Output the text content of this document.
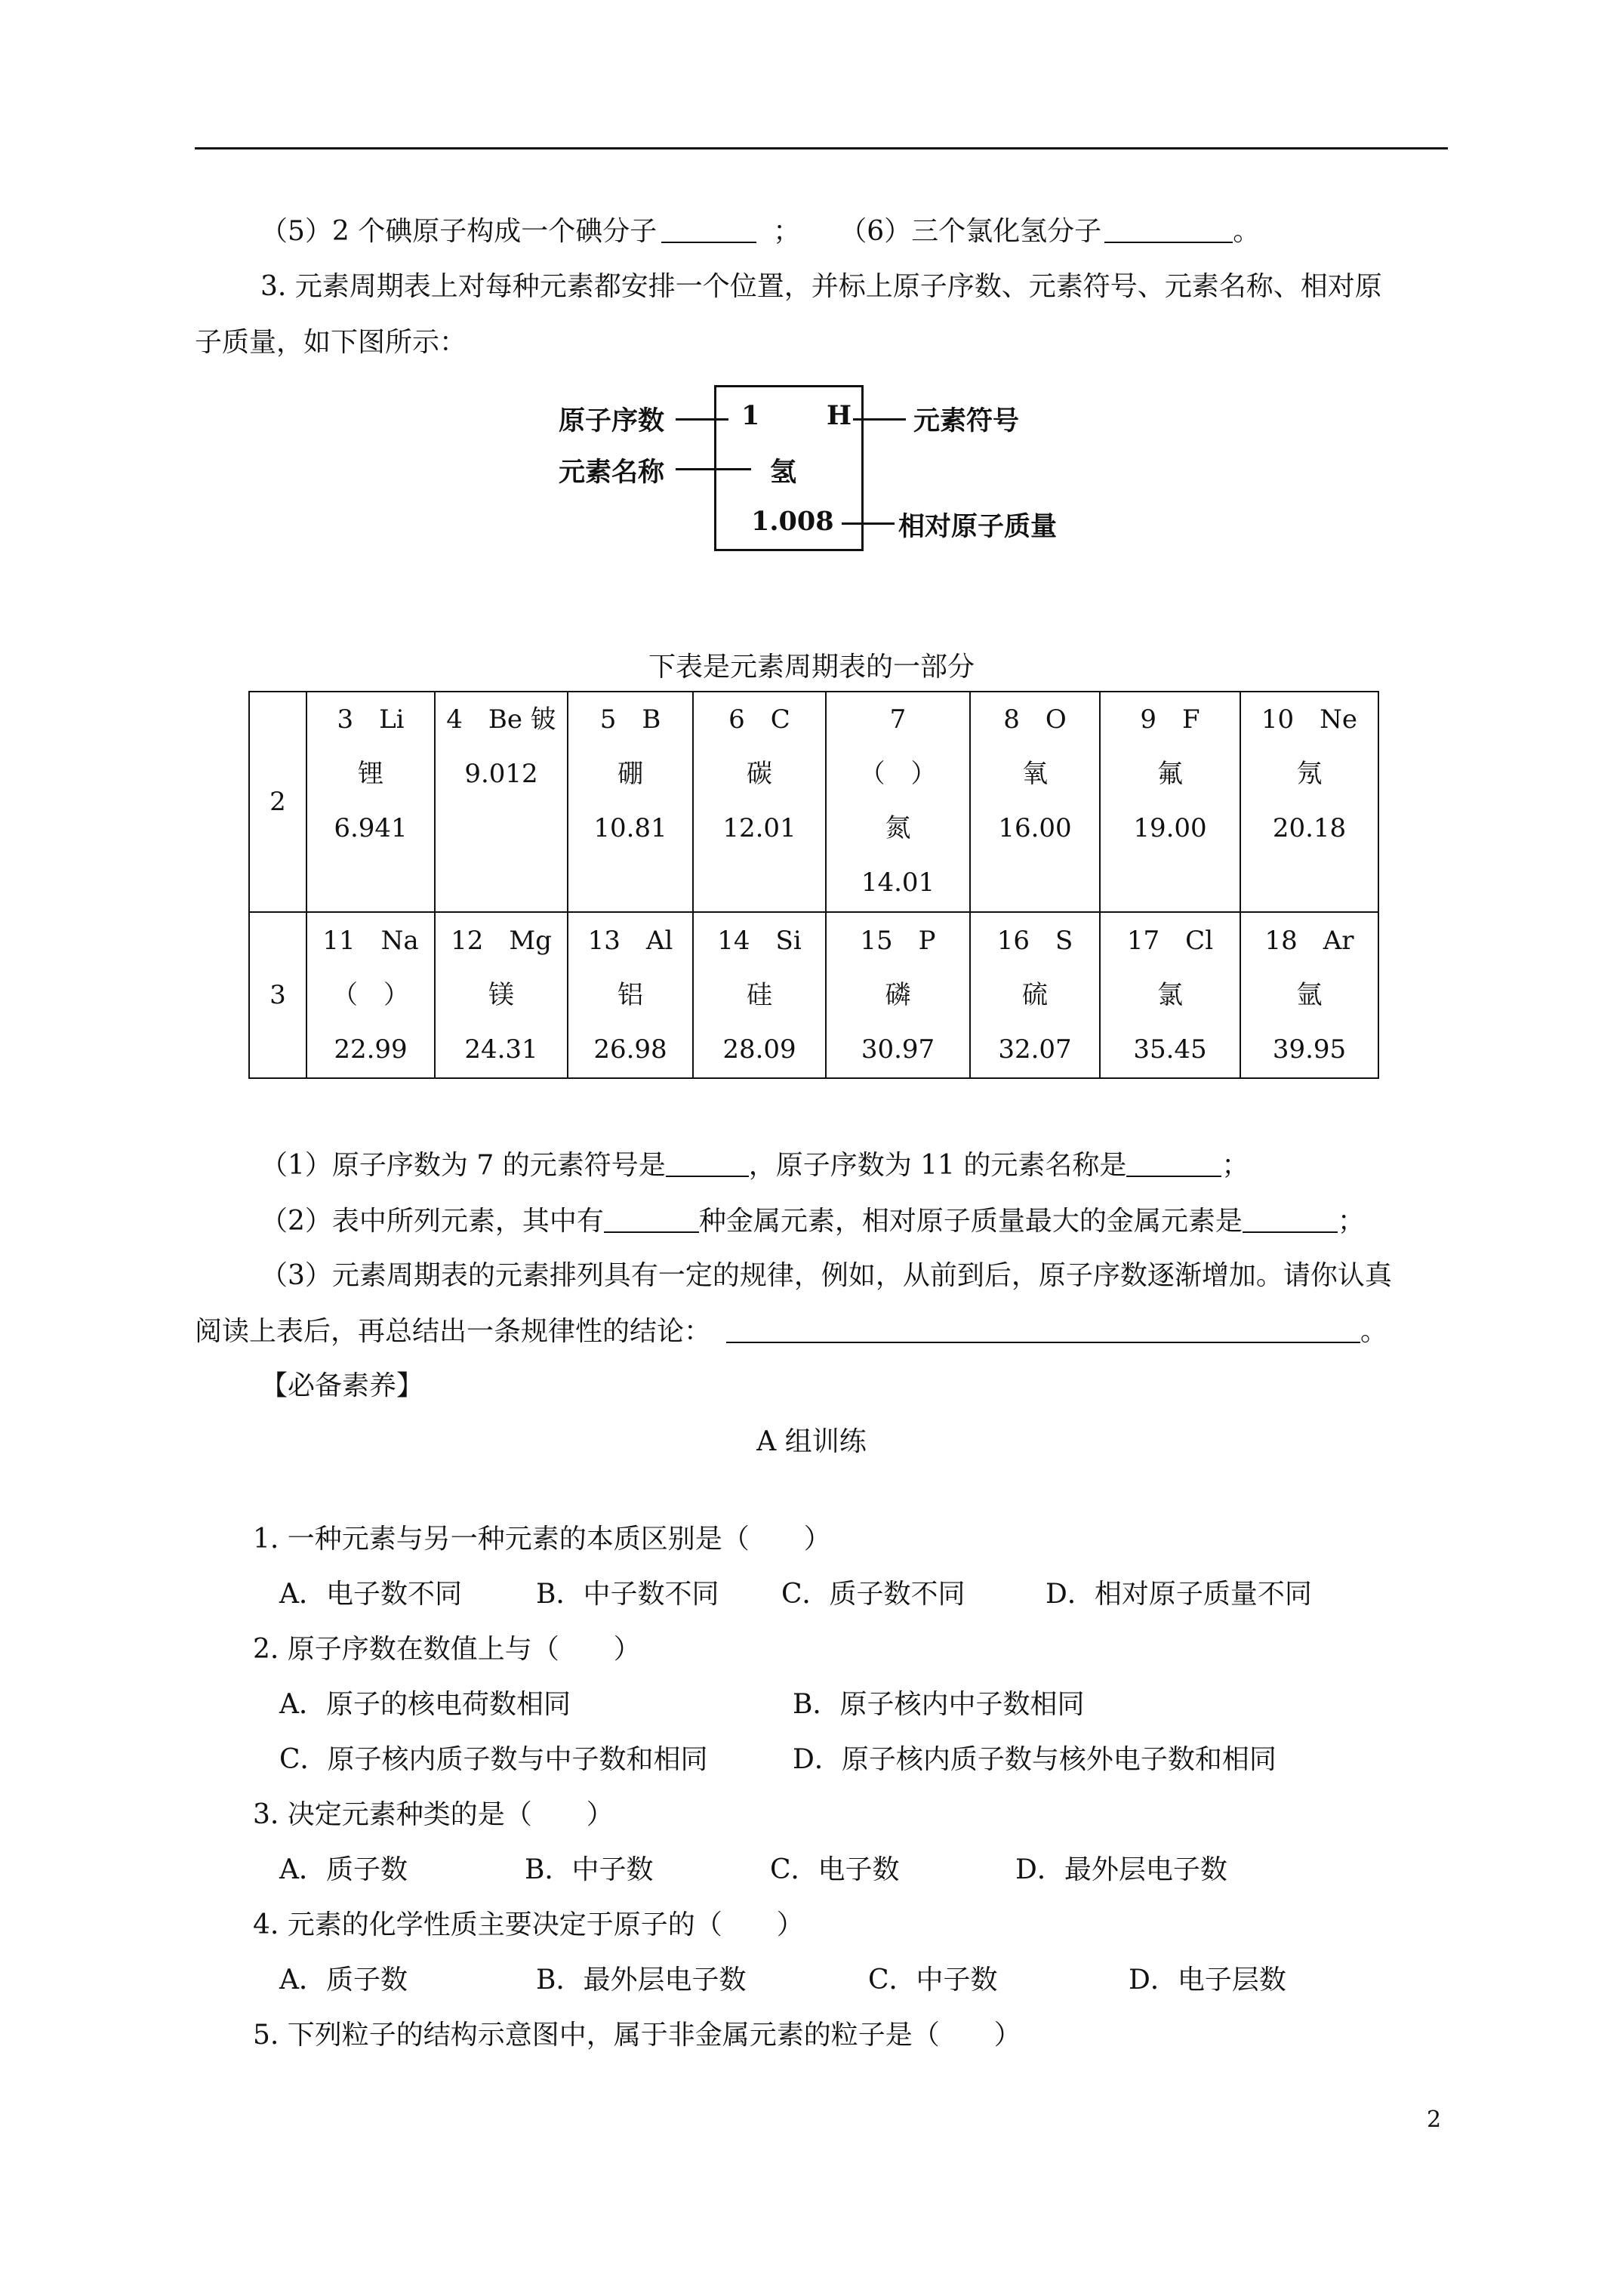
（5）2 个碘原子构成一个碘分子	； （6）三个氯化氢分子	。
3. 元素周期表上对每种元素都安排一个位置，并标上原子序数、元素符号、元素名称、相对原
子质量，如下图所示：
原子序数	1	H 元素符号
元素名称	氢
1.008 相对原子质量
下表是元素周期表的一部分
2	3　Li
锂
6.941	4　Be 铍
9.012	5　B
硼
10.81	6　C
碳
12.01	7
（　）
氮
14.01	8　O
氧
16.00	9　F
氟
19.00	10　Ne
氖
20.18

3	11　Na
（　）
22.99	12　Mg
镁
24.31	13　Al
铝
26.98	14　Si
硅
28.09	15　P
磷
30.97	16　S
硫
32.07	17　Cl
氯
35.45	18　Ar
氩
39.95
（1）原子序数为 7 的元素符号是	，原子序数为 11 的元素名称是	；
（2）表中所列元素，其中有	种金属元素，相对原子质量最大的金属元素是	；
（3）元素周期表的元素排列具有一定的规律，例如，从前到后，原子序数逐渐增加。请你认真
阅读上表后，再总结出一条规律性的结论：	。
【必备素养】
A 组训练
1. 一种元素与另一种元素的本质区别是（　　）
A．电子数不同	B．中子数不同 C．质子数不同	D．相对原子质量不同
2. 原子序数在数值上与（　　）
A．原子的核电荷数相同	B．原子核内中子数相同
C．原子核内质子数与中子数和相同	D．原子核内质子数与核外电子数和相同
3. 决定元素种类的是（　　）
A．质子数	B．中子数	C．电子数	D．最外层电子数
4. 元素的化学性质主要决定于原子的（　　）
A．质子数	B．最外层电子数	C．中子数	D．电子层数
5. 下列粒子的结构示意图中，属于非金属元素的粒子是（　　）
2
